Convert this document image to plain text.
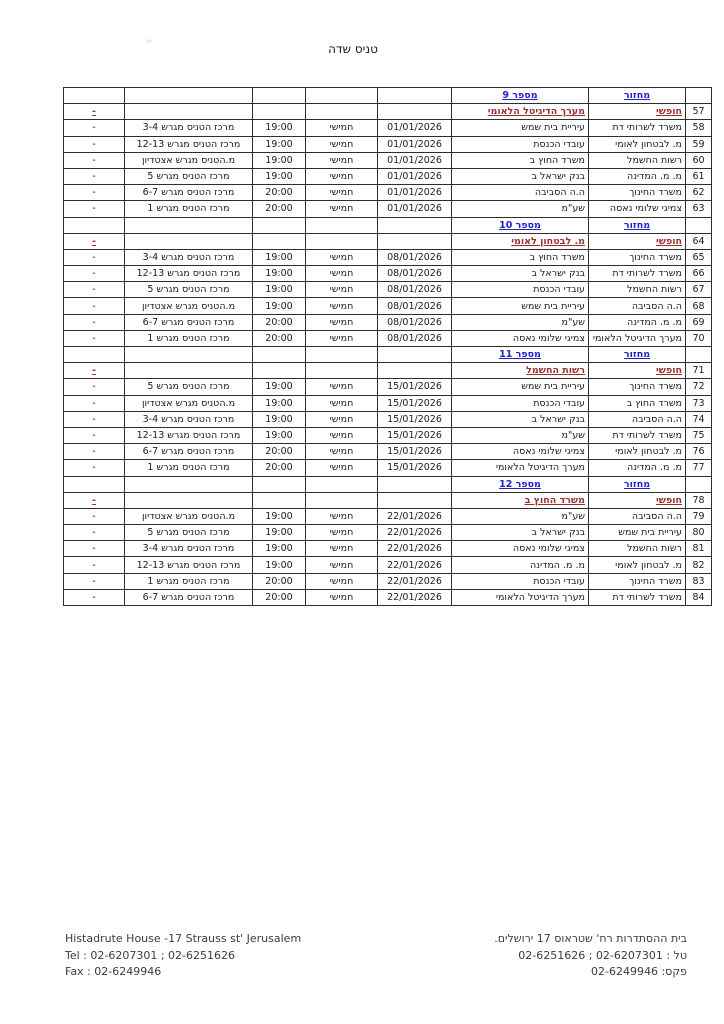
טניס שדה
	מחזור	מספר 9					
57	חופשי	מערך הדיגיטל הלאומי					-
58	משרד לשרותי דת	עיריית בית שמש	01/01/2026	חמישי	19:00	מרכז הטניס מגרש 3-4	-
59	מ. לבטחון לאומי	עובדי הכנסת	01/01/2026	חמישי	19:00	מרכז הטניס מגרש 12-13	-
60	רשות החשמל	משרד החוץ ב	01/01/2026	חמישי	19:00	מ.הטניס מגרש אצטדיון	-
61	מ. מ. המדינה	בנק ישראל ב	01/01/2026	חמישי	19:00	מרכז הטניס מגרש 5	-
62	משרד החינוך	ה.ה הסביבה	01/01/2026	חמישי	20:00	מרכז הטניס מגרש 6-7	-
63	צמיגי שלומי נאסה	שע"מ	01/01/2026	חמישי	20:00	מרכז הטניס מגרש 1	-
	מחזור	מספר 10					
64	חופשי	מ. לבטחון לאומי					-
65	משרד החינוך	משרד החוץ ב	08/01/2026	חמישי	19:00	מרכז הטניס מגרש 3-4	-
66	משרד לשרותי דת	בנק ישראל ב	08/01/2026	חמישי	19:00	מרכז הטניס מגרש 12-13	-
67	רשות החשמל	עובדי הכנסת	08/01/2026	חמישי	19:00	מרכז הטניס מגרש 5	-
68	ה.ה הסביבה	עיריית בית שמש	08/01/2026	חמישי	19:00	מ.הטניס מגרש אצטדיון	-
69	מ. מ. המדינה	שע"מ	08/01/2026	חמישי	20:00	מרכז הטניס מגרש 6-7	-
70	מערך הדיגיטל הלאומי	צמיגי שלומי נאסה	08/01/2026	חמישי	20:00	מרכז הטניס מגרש 1	-
	מחזור	מספר 11					
71	חופשי	רשות החשמל					-
72	משרד החינוך	עיריית בית שמש	15/01/2026	חמישי	19:00	מרכז הטניס מגרש 5	-
73	משרד החוץ ב	עובדי הכנסת	15/01/2026	חמישי	19:00	מ.הטניס מגרש אצטדיון	-
74	ה.ה הסביבה	בנק ישראל ב	15/01/2026	חמישי	19:00	מרכז הטניס מגרש 3-4	-
75	משרד לשרותי דת	שע"מ	15/01/2026	חמישי	19:00	מרכז הטניס מגרש 12-13	-
76	מ. לבטחון לאומי	צמיגי שלומי נאסה	15/01/2026	חמישי	20:00	מרכז הטניס מגרש 6-7	-
77	מ. מ. המדינה	מערך הדיגיטל הלאומי	15/01/2026	חמישי	20:00	מרכז הטניס מגרש 1	-
	מחזור	מספר 12					
78	חופשי	משרד החוץ ב					-
79	ה.ה הסביבה	שע"מ	22/01/2026	חמישי	19:00	מ.הטניס מגרש אצטדיון	-
80	עיריית בית שמש	בנק ישראל ב	22/01/2026	חמישי	19:00	מרכז הטניס מגרש 5	-
81	רשות החשמל	צמיגי שלומי נאסה	22/01/2026	חמישי	19:00	מרכז הטניס מגרש 3-4	-
82	מ. לבטחון לאומי	מ. מ. המדינה	22/01/2026	חמישי	19:00	מרכז הטניס מגרש 12-13	-
83	משרד החינוך	עובדי הכנסת	22/01/2026	חמישי	20:00	מרכז הטניס מגרש 1	-
84	משרד לשרותי דת	מערך הדיגיטל הלאומי	22/01/2026	חמישי	20:00	מרכז הטניס מגרש 6-7	-
Histadrute House -17 Strauss st' Jerusalem
Tel : 02-6207301 ; 02-6251626
Fax : 02-6249946
בית ההסתדרות רח' שטראוס 17 ירושלים.
טל : 02-6207301 ; 02-6251626
פקס: 02-6249946
